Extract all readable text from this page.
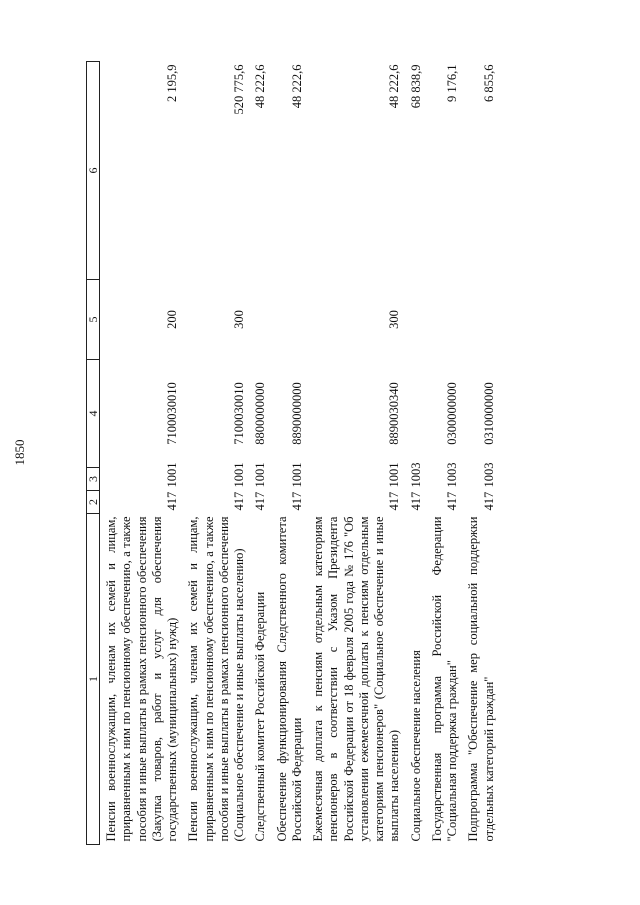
1850
1	2	3	4	5	6
Пенсии военнослужащим, членам их семей и лицам, приравненным к ним по пенсионному обеспечению, а также пособия и иные выплаты в рамках пенсионного обеспечения (Закупка товаров, работ и услуг для обеспечения государственных (муниципальных) нужд)	417	1001	7100030010	200	2 195,9
Пенсии военнослужащим, членам их семей и лицам, приравненным к ним по пенсионному обеспечению, а также пособия и иные выплаты в рамках пенсионного обеспечения (Социальное обеспечение и иные выплаты населению)	417	1001	7100030010	300	520 775,6
Следственный комитет Российской Федерации	417	1001	8800000000		48 222,6
Обеспечение функционирования Следственного комитета Российской Федерации	417	1001	8890000000		48 222,6
Ежемесячная доплата к пенсиям отдельным категориям пенсионеров в соответствии с Указом Президента Российской Федерации от 18 февраля 2005 года № 176 "Об установлении ежемесячной доплаты к пенсиям отдельным категориям пенсионеров" (Социальное обеспечение и иные выплаты населению)	417	1001	8890030340	300	48 222,6
Социальное обеспечение населения	417	1003			68 838,9
Государственная программа Российской Федерации "Социальная поддержка граждан"	417	1003	0300000000		9 176,1
Подпрограмма "Обеспечение мер социальной поддержки отдельных категорий граждан"	417	1003	0310000000		6 855,6
